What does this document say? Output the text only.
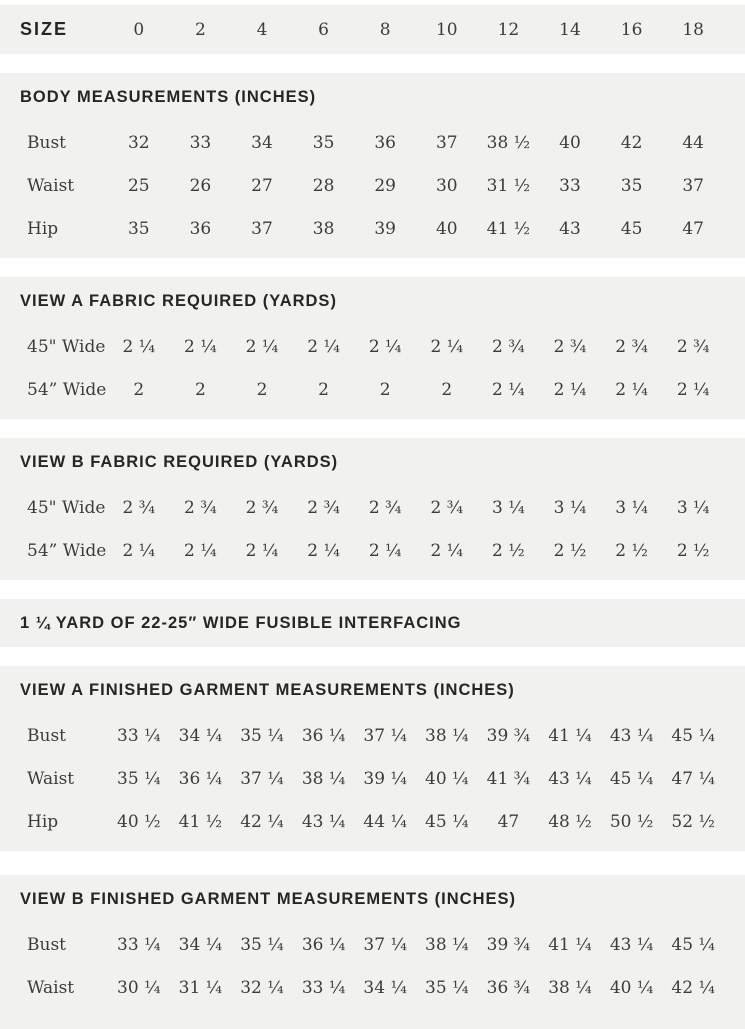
SIZE	0	2	4	6	8	10	12	14	16	18
BODY MEASUREMENTS (INCHES)
Bust	32	33	34	35	36	37	38 ½	40	42	44
Waist	25	26	27	28	29	30	31 ½	33	35	37
Hip	35	36	37	38	39	40	41 ½	43	45	47
VIEW A FABRIC REQUIRED (YARDS)
45" Wide	2 ¼	2 ¼	2 ¼	2 ¼	2 ¼	2 ¼	2 ¾	2 ¾	2 ¾	2 ¾
54” Wide	2	2	2	2	2	2	2 ¼	2 ¼	2 ¼	2 ¼
VIEW B FABRIC REQUIRED (YARDS)
45" Wide	2 ¾	2 ¾	2 ¾	2 ¾	2 ¾	2 ¾	3 ¼	3 ¼	3 ¼	3 ¼
54” Wide 2 ¼	2 ¼	2 ¼	2 ¼	2 ¼	2 ¼	2 ½	2 ½	2 ½	2 ½
1 ¼ YARD OF 22-25″ WIDE FUSIBLE INTERFACING
VIEW A FINISHED GARMENT MEASUREMENTS (INCHES)
Bust	33 ¼	34 ¼	35 ¼	36 ¼	37 ¼	38 ¼	39 ¾	41 ¼	43 ¼	45 ¼
Waist	35 ¼	36 ¼	37 ¼	38 ¼	39 ¼	40 ¼	41 ¾	43 ¼	45 ¼	47 ¼
Hip	40 ½	41 ½	42 ¼	43 ¼	44 ¼	45 ¼	47	48 ½	50 ½	52 ½
VIEW B FINISHED GARMENT MEASUREMENTS (INCHES)
Bust	33 ¼	34 ¼	35 ¼	36 ¼	37 ¼	38 ¼	39 ¾	41 ¼	43 ¼	45 ¼
Waist	30 ¼	31 ¼	32 ¼	33 ¼	34 ¼	35 ¼	36 ¾	38 ¼	40 ¼	42 ¼
